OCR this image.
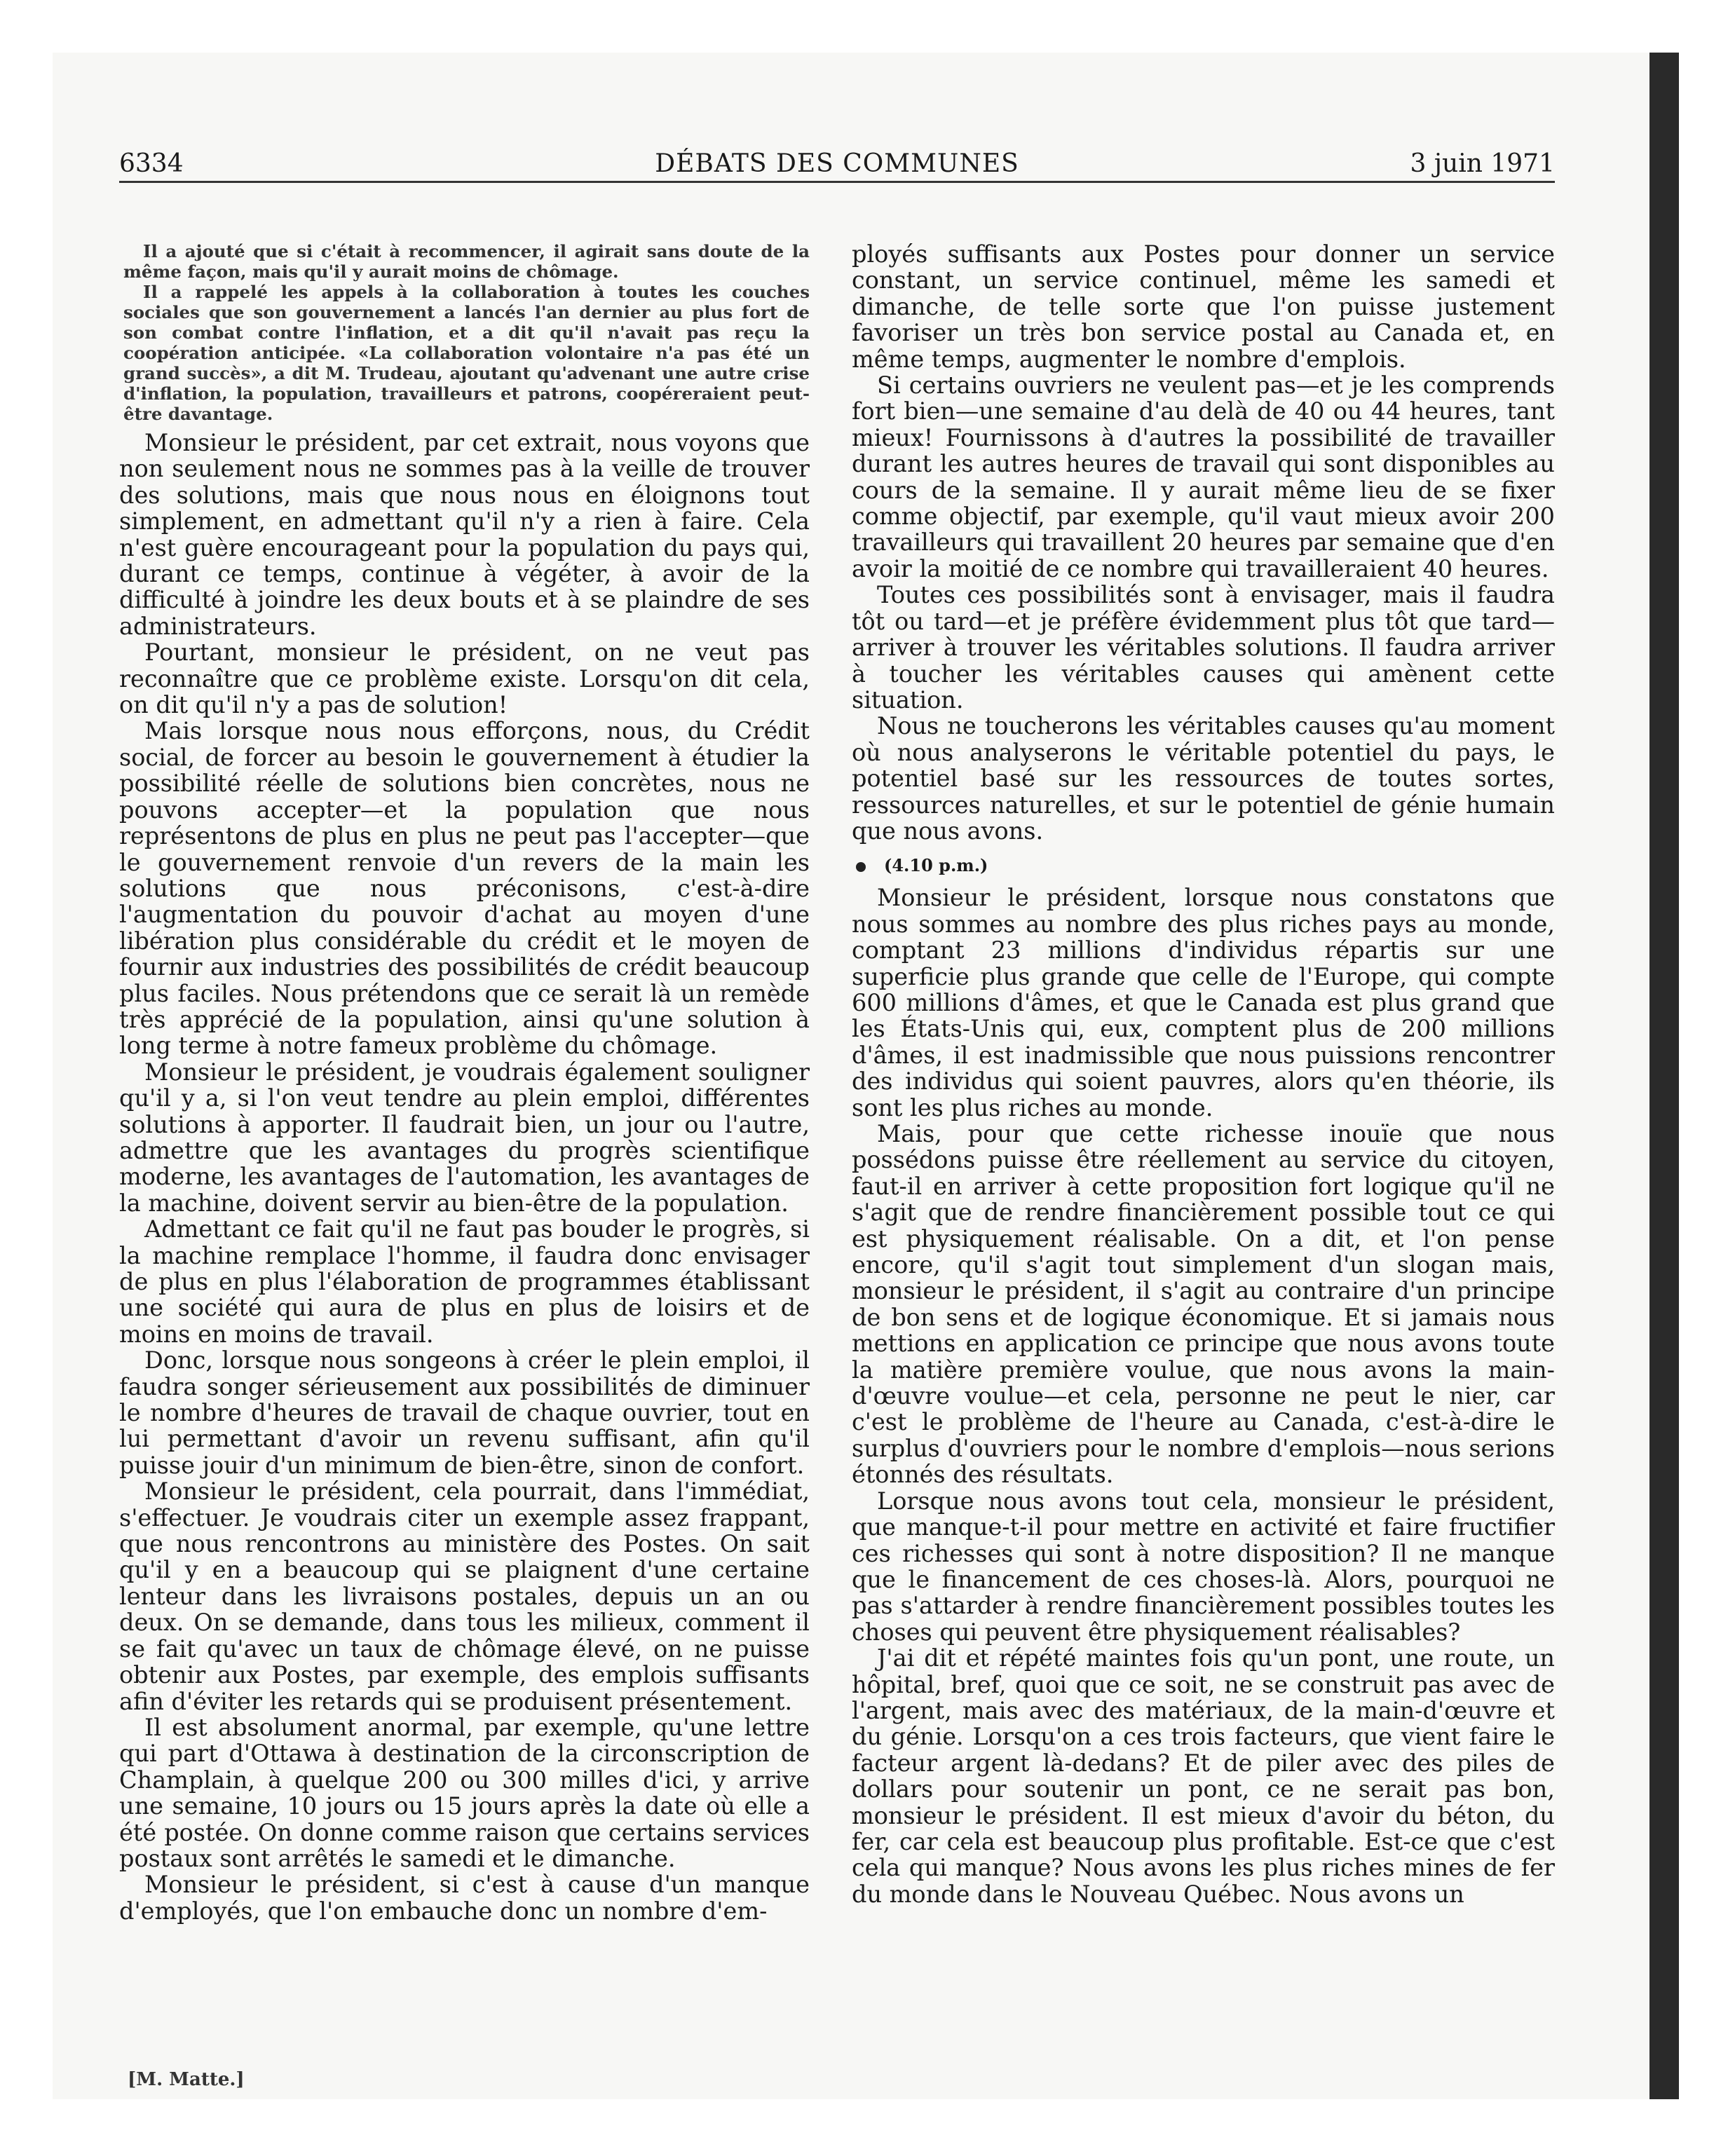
6334	DÉBATS DES COMMUNES	3 juin 1971

Il a ajouté que si c'était à recommencer, il agirait sans doute de la même façon, mais qu'il y aurait moins de chômage.

Il a rappelé les appels à la collaboration à toutes les couches sociales que son gouvernement a lancés l'an dernier au plus fort de son combat contre l'inflation, et a dit qu'il n'avait pas reçu la coopération anticipée. «La collaboration volontaire n'a pas été un grand succès», a dit M. Trudeau, ajoutant qu'advenant une autre crise d'inflation, la population, travailleurs et patrons, coopéreraient peut-être davantage.

Monsieur le président, par cet extrait, nous voyons que non seulement nous ne sommes pas à la veille de trouver des solutions, mais que nous nous en éloignons tout simplement, en admettant qu'il n'y a rien à faire. Cela n'est guère encourageant pour la population du pays qui, durant ce temps, continue à végéter, à avoir de la difficulté à joindre les deux bouts et à se plaindre de ses administrateurs.

Pourtant, monsieur le président, on ne veut pas reconnaître que ce problème existe. Lorsqu'on dit cela, on dit qu'il n'y a pas de solution!

Mais lorsque nous nous efforçons, nous, du Crédit social, de forcer au besoin le gouvernement à étudier la possibilité réelle de solutions bien concrètes, nous ne pouvons accepter—et la population que nous représentons de plus en plus ne peut pas l'accepter—que le gouvernement renvoie d'un revers de la main les solutions que nous préconisons, c'est-à-dire l'augmentation du pouvoir d'achat au moyen d'une libération plus considérable du crédit et le moyen de fournir aux industries des possibilités de crédit beaucoup plus faciles. Nous prétendons que ce serait là un remède très apprécié de la population, ainsi qu'une solution à long terme à notre fameux problème du chômage.

Monsieur le président, je voudrais également souligner qu'il y a, si l'on veut tendre au plein emploi, différentes solutions à apporter. Il faudrait bien, un jour ou l'autre, admettre que les avantages du progrès scientifique moderne, les avantages de l'automation, les avantages de la machine, doivent servir au bien-être de la population.

Admettant ce fait qu'il ne faut pas bouder le progrès, si la machine remplace l'homme, il faudra donc envisager de plus en plus l'élaboration de programmes établissant une société qui aura de plus en plus de loisirs et de moins en moins de travail.

Donc, lorsque nous songeons à créer le plein emploi, il faudra songer sérieusement aux possibilités de diminuer le nombre d'heures de travail de chaque ouvrier, tout en lui permettant d'avoir un revenu suffisant, afin qu'il puisse jouir d'un minimum de bien-être, sinon de confort.

Monsieur le président, cela pourrait, dans l'immédiat, s'effectuer. Je voudrais citer un exemple assez frappant, que nous rencontrons au ministère des Postes. On sait qu'il y en a beaucoup qui se plaignent d'une certaine lenteur dans les livraisons postales, depuis un an ou deux. On se demande, dans tous les milieux, comment il se fait qu'avec un taux de chômage élevé, on ne puisse obtenir aux Postes, par exemple, des emplois suffisants afin d'éviter les retards qui se produisent présentement.

Il est absolument anormal, par exemple, qu'une lettre qui part d'Ottawa à destination de la circonscription de Champlain, à quelque 200 ou 300 milles d'ici, y arrive une semaine, 10 jours ou 15 jours après la date où elle a été postée. On donne comme raison que certains services postaux sont arrêtés le samedi et le dimanche.

Monsieur le président, si c'est à cause d'un manque d'employés, que l'on embauche donc un nombre d'em-

[M. Matte.]

ployés suffisants aux Postes pour donner un service constant, un service continuel, même les samedi et dimanche, de telle sorte que l'on puisse justement favoriser un très bon service postal au Canada et, en même temps, augmenter le nombre d'emplois.

Si certains ouvriers ne veulent pas—et je les comprends fort bien—une semaine d'au delà de 40 ou 44 heures, tant mieux! Fournissons à d'autres la possibilité de travailler durant les autres heures de travail qui sont disponibles au cours de la semaine. Il y aurait même lieu de se fixer comme objectif, par exemple, qu'il vaut mieux avoir 200 travailleurs qui travaillent 20 heures par semaine que d'en avoir la moitié de ce nombre qui travailleraient 40 heures.

Toutes ces possibilités sont à envisager, mais il faudra tôt ou tard—et je préfère évidemment plus tôt que tard—arriver à trouver les véritables solutions. Il faudra arriver à toucher les véritables causes qui amènent cette situation.

Nous ne toucherons les véritables causes qu'au moment où nous analyserons le véritable potentiel du pays, le potentiel basé sur les ressources de toutes sortes, ressources naturelles, et sur le potentiel de génie humain que nous avons.

(4.10 p.m.)

Monsieur le président, lorsque nous constatons que nous sommes au nombre des plus riches pays au monde, comptant 23 millions d'individus répartis sur une superficie plus grande que celle de l'Europe, qui compte 600 millions d'âmes, et que le Canada est plus grand que les États-Unis qui, eux, comptent plus de 200 millions d'âmes, il est inadmissible que nous puissions rencontrer des individus qui soient pauvres, alors qu'en théorie, ils sont les plus riches au monde.

Mais, pour que cette richesse inouïe que nous possédons puisse être réellement au service du citoyen, faut-il en arriver à cette proposition fort logique qu'il ne s'agit que de rendre financièrement possible tout ce qui est physiquement réalisable. On a dit, et l'on pense encore, qu'il s'agit tout simplement d'un slogan mais, monsieur le président, il s'agit au contraire d'un principe de bon sens et de logique économique. Et si jamais nous mettions en application ce principe que nous avons toute la matière première voulue, que nous avons la main-d'œuvre voulue—et cela, personne ne peut le nier, car c'est le problème de l'heure au Canada, c'est-à-dire le surplus d'ouvriers pour le nombre d'emplois—nous serions étonnés des résultats.

Lorsque nous avons tout cela, monsieur le président, que manque-t-il pour mettre en activité et faire fructifier ces richesses qui sont à notre disposition? Il ne manque que le financement de ces choses-là. Alors, pourquoi ne pas s'attarder à rendre financièrement possibles toutes les choses qui peuvent être physiquement réalisables?

J'ai dit et répété maintes fois qu'un pont, une route, un hôpital, bref, quoi que ce soit, ne se construit pas avec de l'argent, mais avec des matériaux, de la main-d'œuvre et du génie. Lorsqu'on a ces trois facteurs, que vient faire le facteur argent là-dedans? Et de piler avec des piles de dollars pour soutenir un pont, ce ne serait pas bon, monsieur le président. Il est mieux d'avoir du béton, du fer, car cela est beaucoup plus profitable. Est-ce que c'est cela qui manque? Nous avons les plus riches mines de fer du monde dans le Nouveau Québec. Nous avons un
